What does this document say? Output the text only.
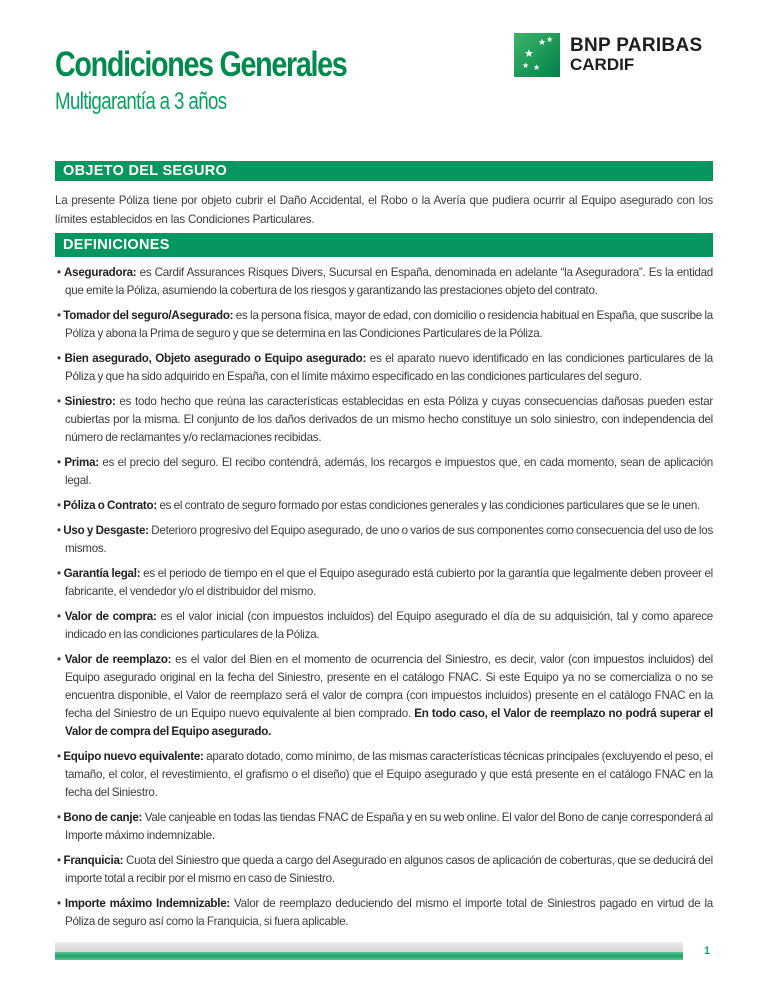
Condiciones Generales
Multigarantía a 3 años
★
★ ★
★ ★
BNP PARIBAS
CARDIF
OBJETO DEL SEGURO
La presente Póliza tiene por objeto cubrir el Daño Accidental, el Robo o la Avería que pudiera ocurrir al Equipo asegurado con los límites establecidos en las Condiciones Particulares.
DEFINICIONES
• Aseguradora: es Cardif Assurances Risques Divers, Sucursal en España, denominada en adelante “la Aseguradora”. Es la entidad que emite la Póliza, asumiendo la cobertura de los riesgos y garantizando las prestaciones objeto del contrato.
• Tomador del seguro/Asegurado: es la persona física, mayor de edad, con domicilio o residencia habitual en España, que suscribe la Póliza y abona la Prima de seguro y que se determina en las Condiciones Particulares de la Póliza.
• Bien asegurado, Objeto asegurado o Equipo asegurado: es el aparato nuevo identificado en las condiciones particulares de la Póliza y que ha sido adquirido en España, con el límite máximo especificado en las condiciones particulares del seguro.
• Siniestro: es todo hecho que reúna las características establecidas en esta Póliza y cuyas consecuencias dañosas pueden estar cubiertas por la misma. El conjunto de los daños derivados de un mismo hecho constituye un solo siniestro, con independencia del número de reclamantes y/o reclamaciones recibidas.
• Prima: es el precio del seguro. El recibo contendrá, además, los recargos e impuestos que, en cada momento, sean de aplicación legal.
• Póliza o Contrato: es el contrato de seguro formado por estas condiciones generales y las condiciones particulares que se le unen.
• Uso y Desgaste: Deterioro progresivo del Equipo asegurado, de uno o varios de sus componentes como consecuencia del uso de los mismos.
• Garantía legal: es el periodo de tiempo en el que el Equipo asegurado está cubierto por la garantía que legalmente deben proveer el fabricante, el vendedor y/o el distribuidor del mismo.
• Valor de compra: es el valor inicial (con impuestos incluidos) del Equipo asegurado el día de su adquisición, tal y como aparece indicado en las condiciones particulares de la Póliza.
• Valor de reemplazo: es el valor del Bien en el momento de ocurrencia del Siniestro, es decir, valor (con impuestos incluidos) del Equipo asegurado original en la fecha del Siniestro, presente en el catálogo FNAC. Si este Equipo ya no se comercializa o no se encuentra disponible, el Valor de reemplazo será el valor de compra (con impuestos incluidos) presente en el catálogo FNAC en la fecha del Siniestro de un Equipo nuevo equivalente al bien comprado. En todo caso, el Valor de reemplazo no podrá superar el Valor de compra del Equipo asegurado.
• Equipo nuevo equivalente: aparato dotado, como mínimo, de las mismas características técnicas principales (excluyendo el peso, el tamaño, el color, el revestimiento, el grafismo o el diseño) que el Equipo asegurado y que está presente en el catálogo FNAC en la fecha del Siniestro.
• Bono de canje: Vale canjeable en todas las tiendas FNAC de España y en su web online. El valor del Bono de canje corresponderá al Importe máximo indemnizable.
• Franquicia: Cuota del Siniestro que queda a cargo del Asegurado en algunos casos de aplicación de coberturas, que se deducirá del importe total a recibir por el mismo en caso de Siniestro.
• Importe máximo Indemnizable: Valor de reemplazo deduciendo del mismo el importe total de Siniestros pagado en virtud de la Póliza de seguro así como la Franquicia, si fuera aplicable.
1
